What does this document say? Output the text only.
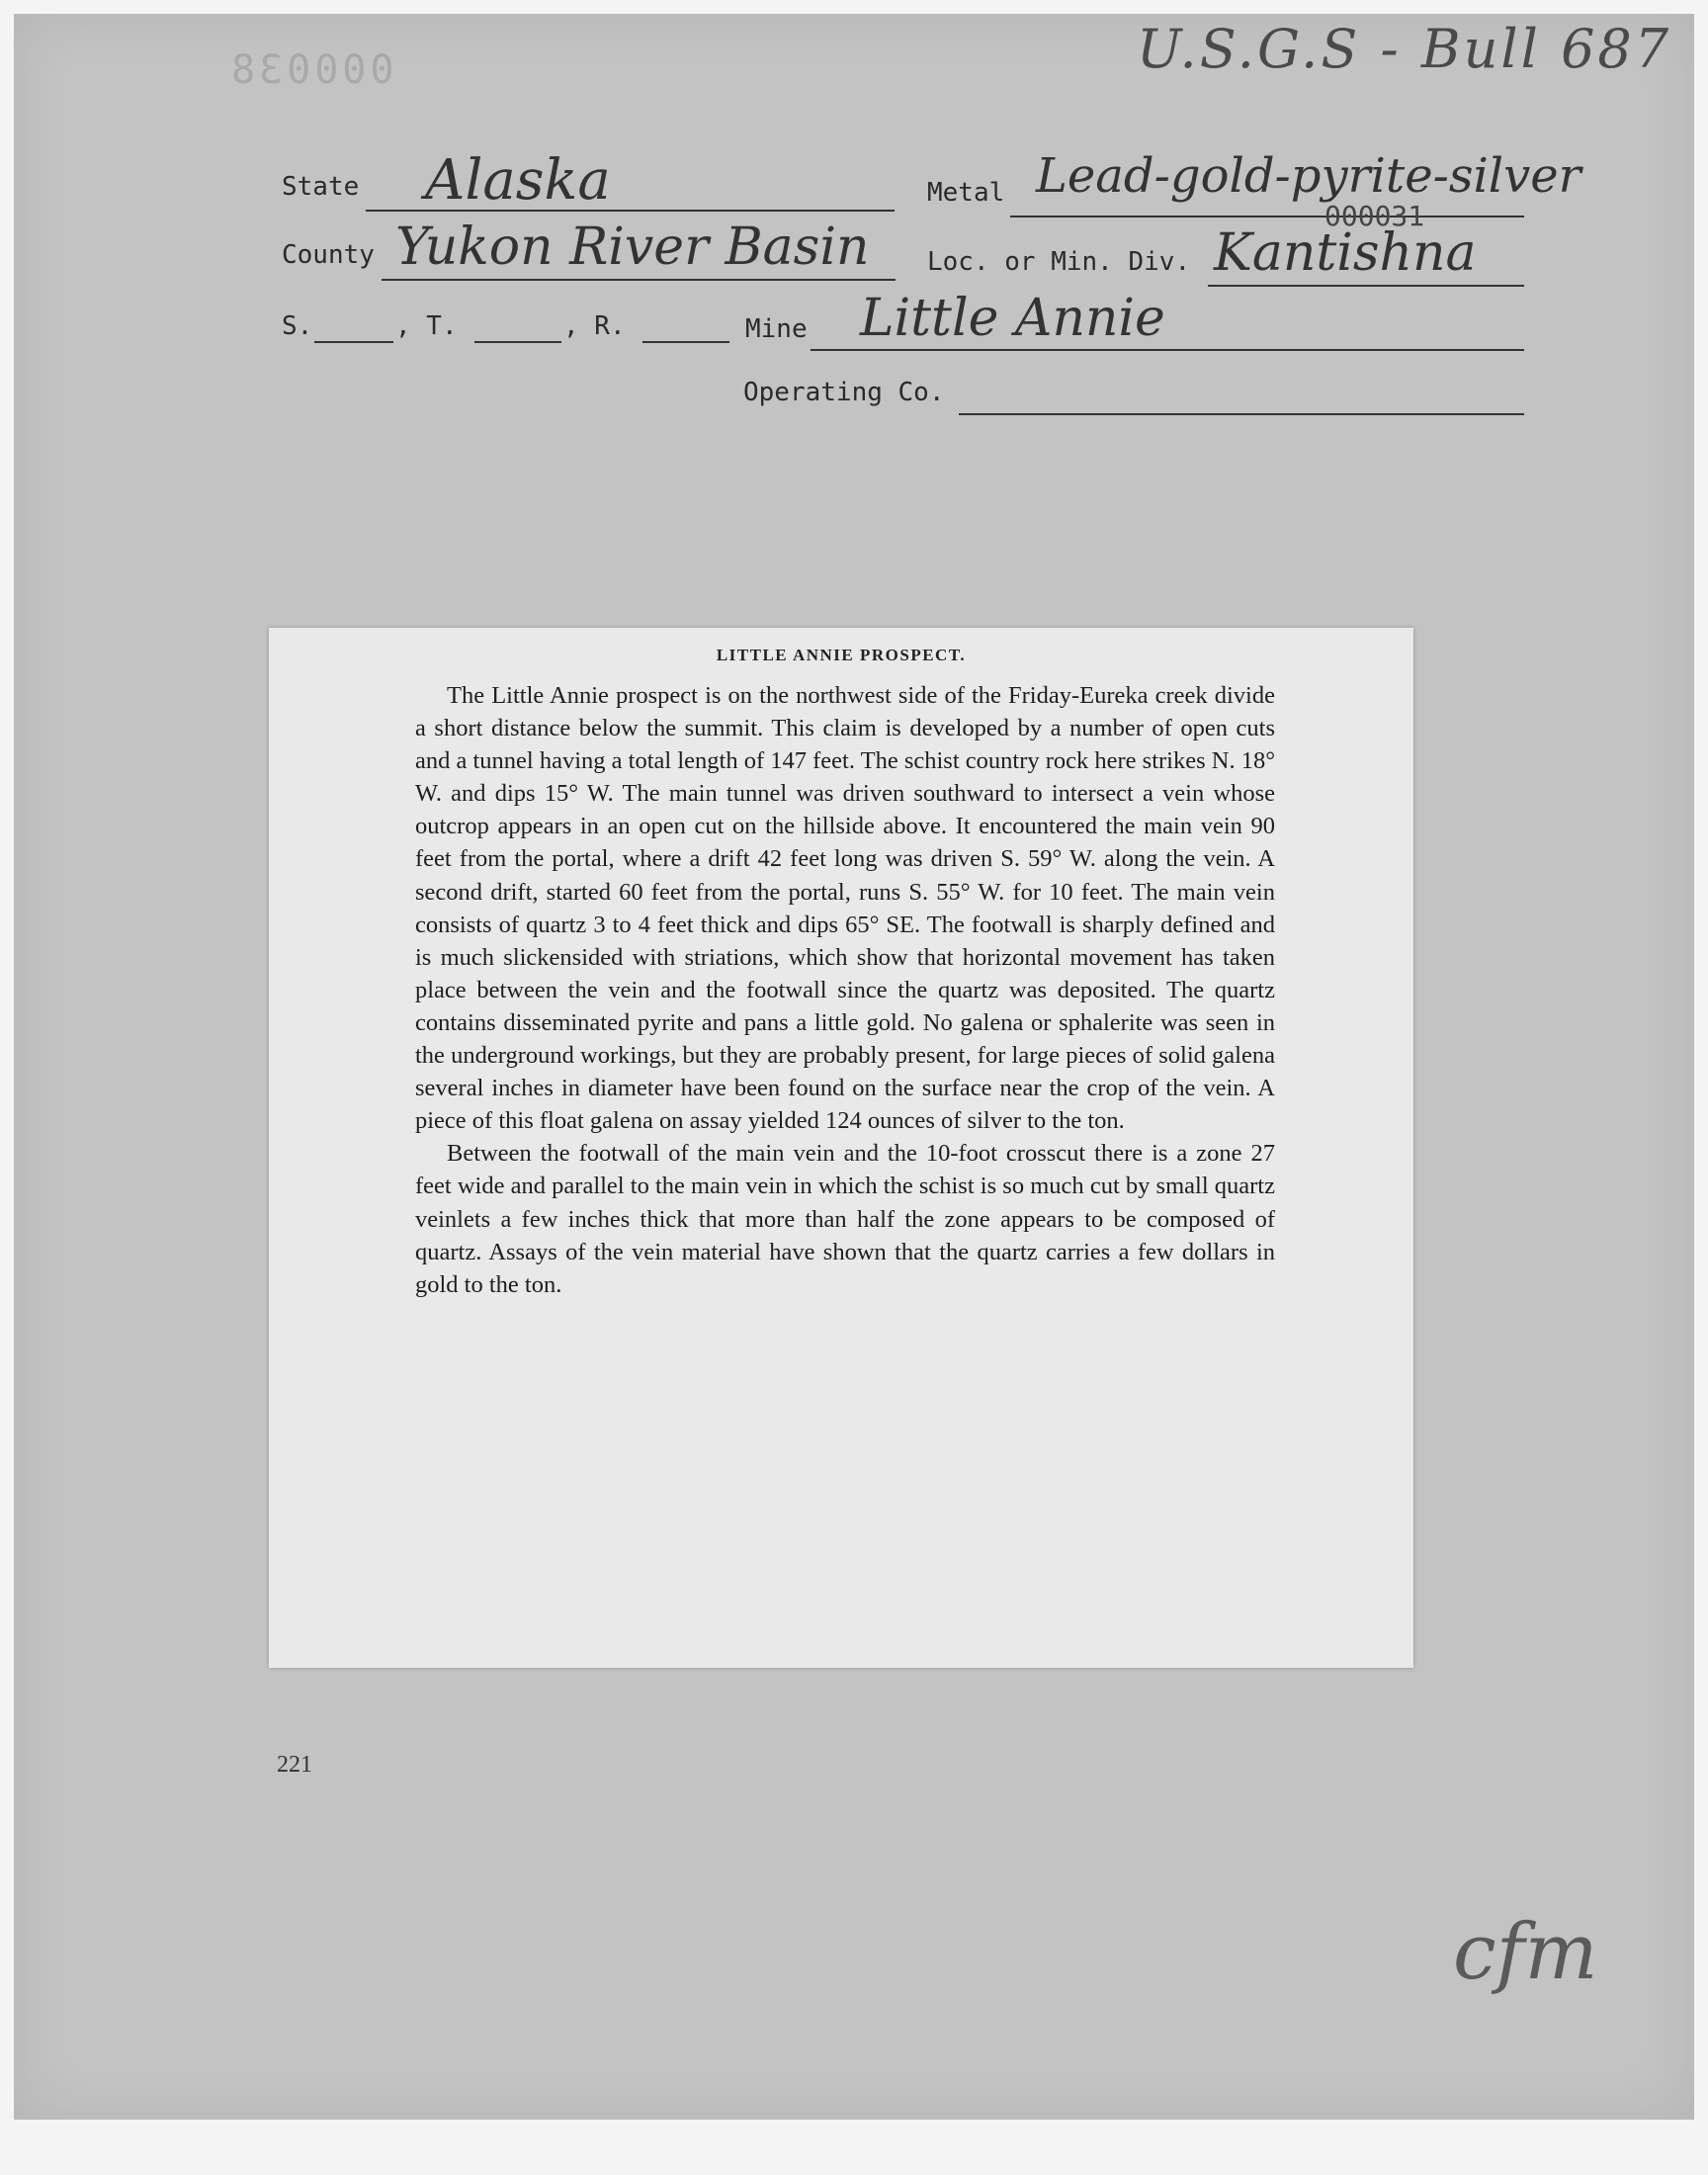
000038	U.S.G.S - Bull 687
State Alaska	Metal Lead-gold-pyrite-silver
000031
County Yukon River Basin Loc. or Min. Div. Kantishna
S.	, T.	, R.	Mine Little Annie
Operating Co.
LITTLE ANNIE PROSPECT.

The Little Annie prospect is on the northwest side of the Friday-Eureka creek divide a short distance below the summit. This claim is developed by a number of open cuts and a tunnel having a total length of 147 feet. The schist country rock here strikes N. 18° W. and dips 15° W. The main tunnel was driven southward to intersect a vein whose outcrop appears in an open cut on the hillside above. It encountered the main vein 90 feet from the portal, where a drift 42 feet long was driven S. 59° W. along the vein. A second drift, started 60 feet from the portal, runs S. 55° W. for 10 feet. The main vein consists of quartz 3 to 4 feet thick and dips 65° SE. The footwall is sharply defined and is much slickensided with striations, which show that horizontal movement has taken place between the vein and the footwall since the quartz was deposited. The quartz contains disseminated pyrite and pans a little gold. No galena or sphalerite was seen in the underground workings, but they are probably present, for large pieces of solid galena several inches in diameter have been found on the surface near the crop of the vein. A piece of this float galena on assay yielded 124 ounces of silver to the ton.

Between the footwall of the main vein and the 10-foot crosscut there is a zone 27 feet wide and parallel to the main vein in which the schist is so much cut by small quartz veinlets a few inches thick that more than half the zone appears to be composed of quartz. Assays of the vein material have shown that the quartz carries a few dollars in gold to the ton.

221
cfm
